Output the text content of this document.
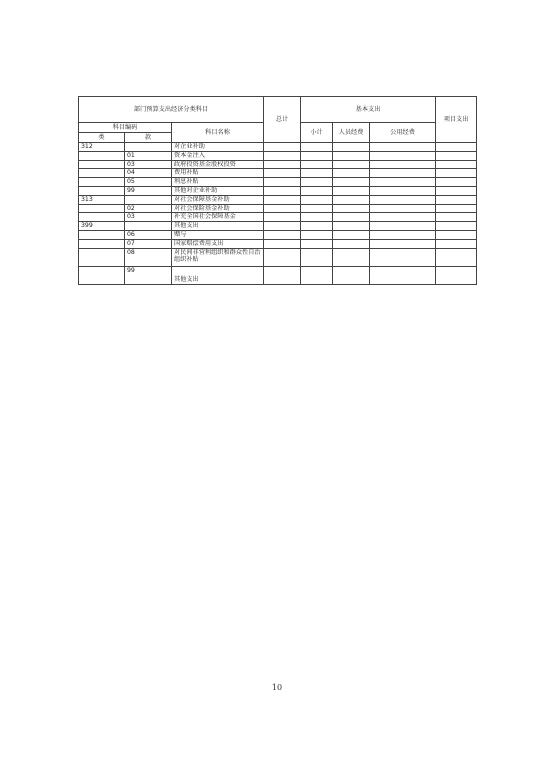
部门预算支出经济分类科目			总计	基本支出			项目支出
科目编码		科目名称		小计	人员经费	公用经费	
类	款						
312		对企业补助					
	01	资本金注入					
	03	政府投资基金股权投资					
	04	费用补贴					
	05	利息补贴					
	99	其他对企业补助					
313		对社会保障基金补助					
	02	对社会保险基金补助					
	03	补充全国社会保障基金					
399		其他支出					
	06	赠与					
	07	国家赔偿费用支出					
	08	对民间非营利组织和群众性自治组织补贴					
	99	其他支出					
10
